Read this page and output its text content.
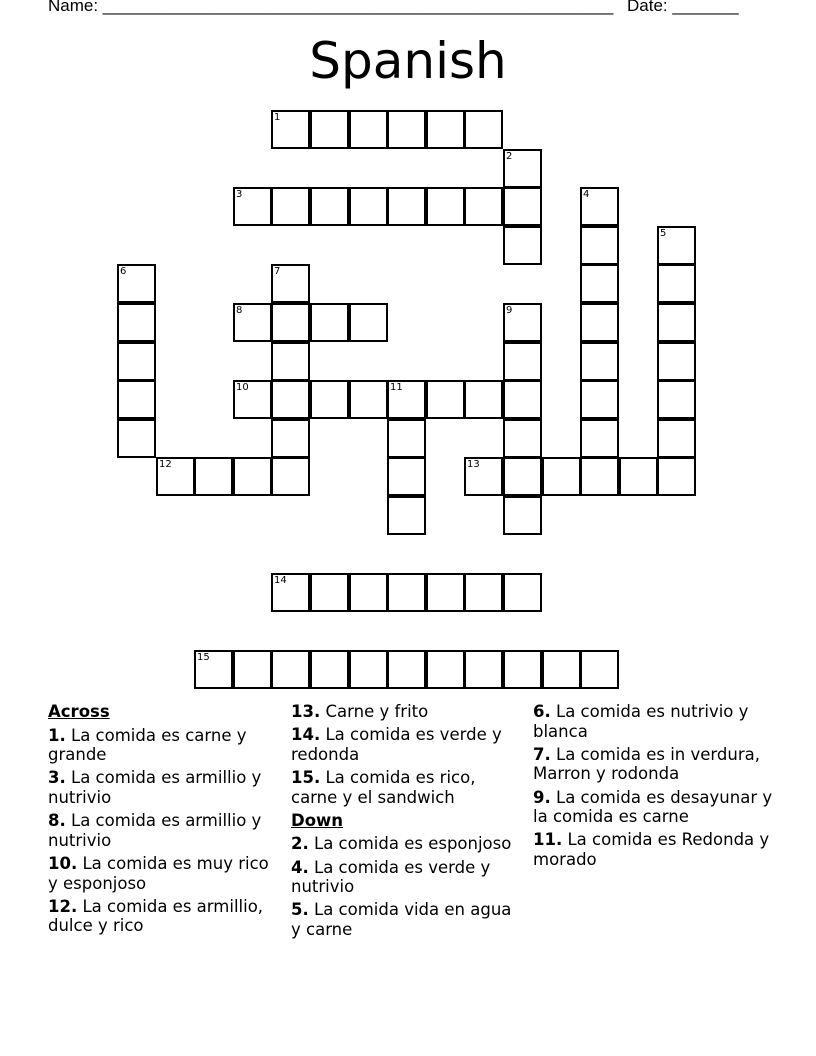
Name: ______________________________________________________ Date: _______
Spanish
1
3
8
10	11
12	13
14
15
2
4
5
6	7
9
Across
1. La comida es carne y grande
3. La comida es armillio y nutrivio
8. La comida es armillio y nutrivio
10. La comida es muy rico y esponjoso
12. La comida es armillio, dulce y rico
13. Carne y frito
14. La comida es verde y redonda
15. La comida es rico, carne y el sandwich
Down
2. La comida es esponjoso
4. La comida es verde y nutrivio
5. La comida vida en agua y carne
6. La comida es nutrivio y blanca
7. La comida es in verdura, Marron y rodonda
9. La comida es desayunar y la comida es carne
11. La comida es Redonda y morado
